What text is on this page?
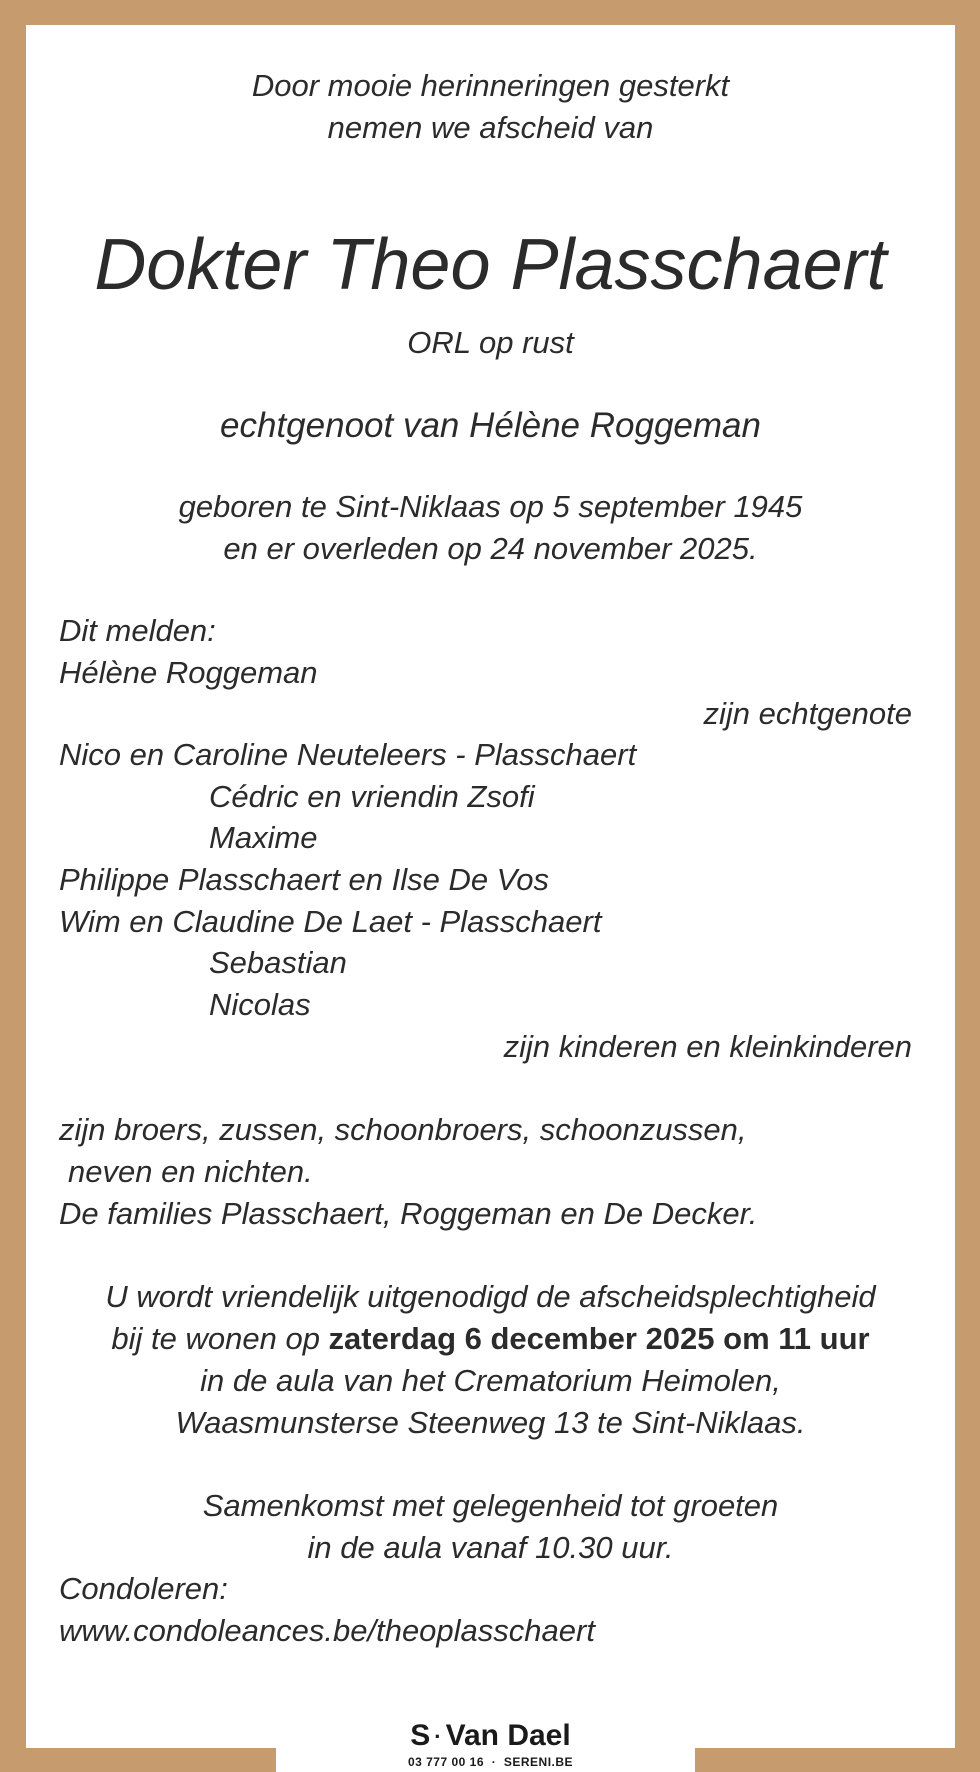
Door mooie herinneringen gesterkt
nemen we afscheid van
Dokter Theo Plasschaert
ORL op rust
echtgenoot van Hélène Roggeman
geboren te Sint-Niklaas op 5 september 1945
en er overleden op 24 november 2025.
Dit melden:
Hélène Roggeman
zijn echtgenote
Nico en Caroline Neuteleers - Plasschaert
Cédric en vriendin Zsofi
Maxime
Philippe Plasschaert en Ilse De Vos
Wim en Claudine De Laet - Plasschaert
Sebastian
Nicolas
zijn kinderen en kleinkinderen
zijn broers, zussen, schoonbroers, schoonzussen,
neven en nichten.
De families Plasschaert, Roggeman en De Decker.
U wordt vriendelijk uitgenodigd de afscheidsplechtigheid
bij te wonen op zaterdag 6 december 2025 om 11 uur
in de aula van het Crematorium Heimolen,
Waasmunsterse Steenweg 13 te Sint-Niklaas.
Samenkomst met gelegenheid tot groeten
in de aula vanaf 10.30 uur.
Condoleren:
www.condoleances.be/theoplasschaert
S · Van Dael
03 777 00 16 · SERENI.BE
